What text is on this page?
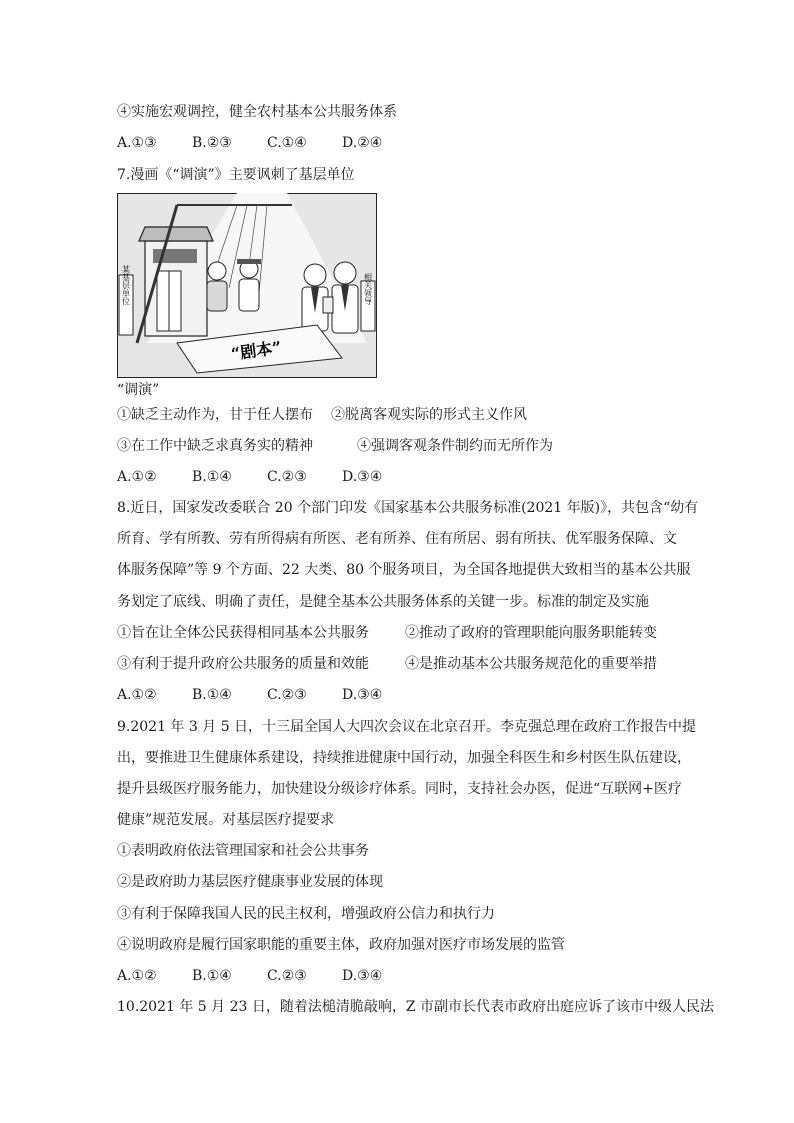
④实施宏观调控，健全农村基本公共服务体系
A.①③	B.②③	C.①④	D.②④
7.漫画《“调演”》主要讽刺了基层单位
“剧本”
某基层单位	相关领导
“调演”
①缺乏主动作为，甘于任人摆布 ②脱离客观实际的形式主义作风
③在工作中缺乏求真务实的精神	④强调客观条件制约而无所作为
A.①②	B.①④	C.②③	D.③④
8.近日，国家发改委联合 20 个部门印发《国家基本公共服务标准(2021 年版)》，共包含“幼有
所育、学有所教、劳有所得病有所医、老有所养、住有所居、弱有所扶、优军服务保障、文
体服务保障”等 9 个方面、22 大类、80 个服务项目，为全国各地提供大致相当的基本公共服
务划定了底线、明确了责任，是健全基本公共服务体系的关键一步。标准的制定及实施
①旨在让全体公民获得相同基本公共服务	②推动了政府的管理职能向服务职能转变
③有利于提升政府公共服务的质量和效能	④是推动基本公共服务规范化的重要举措
A.①②	B.①④	C.②③	D.③④
9.2021 年 3 月 5 日，十三届全国人大四次会议在北京召开。李克强总理在政府工作报告中提
出，要推进卫生健康体系建设，持续推进健康中国行动，加强全科医生和乡村医生队伍建设，
提升县级医疗服务能力，加快建设分级诊疗体系。同时，支持社会办医，促进“互联网+医疗
健康”规范发展。对基层医疗提要求
①表明政府依法管理国家和社会公共事务
②是政府助力基层医疗健康事业发展的体现
③有利于保障我国人民的民主权利，增强政府公信力和执行力
④说明政府是履行国家职能的重要主体，政府加强对医疗市场发展的监管
A.①②	B.①④	C.②③	D.③④
10.2021 年 5 月 23 日，随着法槌清脆敲响，Z 市副市长代表市政府出庭应诉了该市中级人民法
